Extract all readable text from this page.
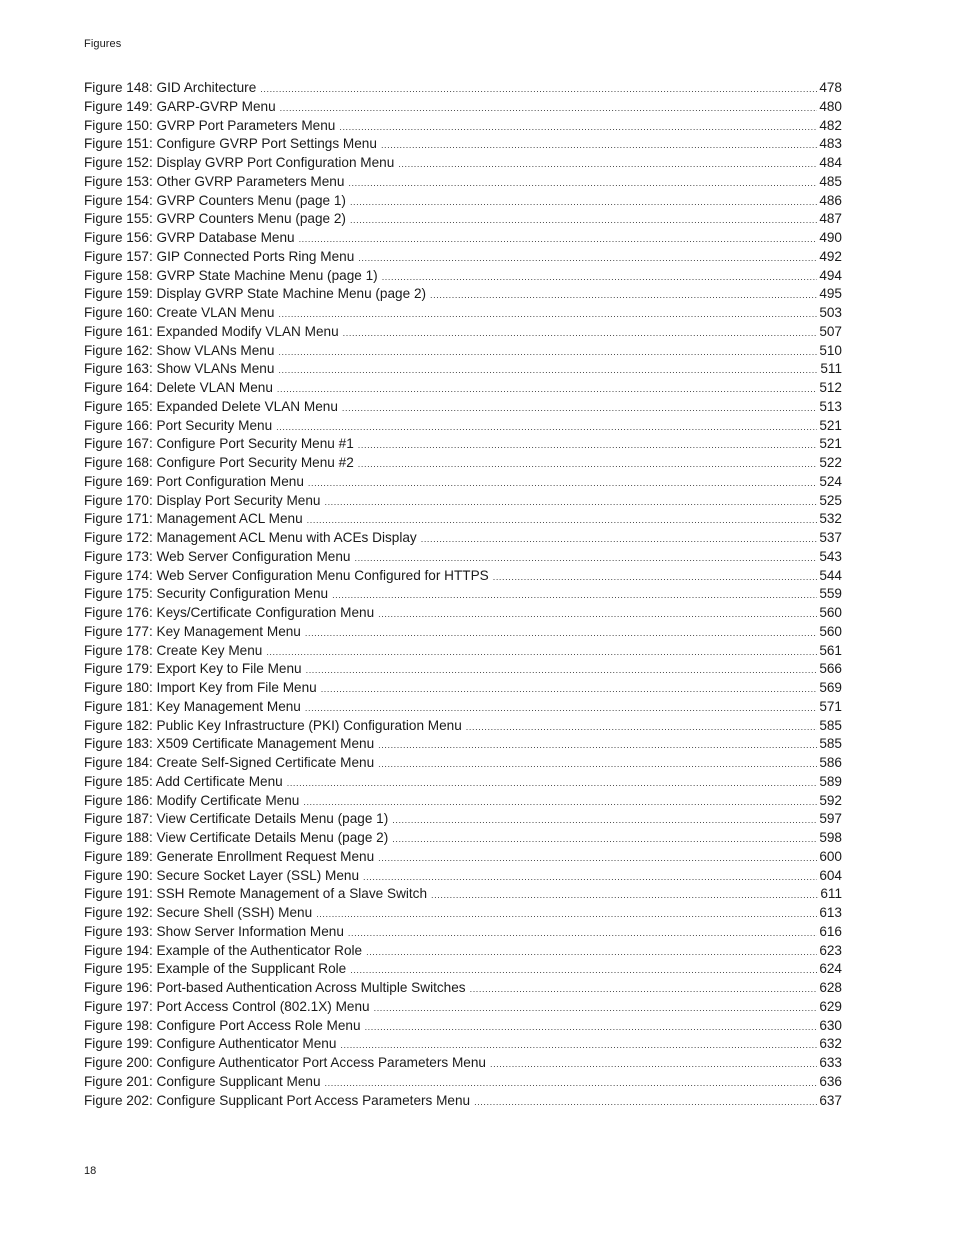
Figures
Figure 148: GID Architecture .....	478
Figure 149: GARP-GVRP Menu .....	480
Figure 150: GVRP Port Parameters Menu .....	482
Figure 151: Configure GVRP Port Settings Menu .....	483
Figure 152: Display GVRP Port Configuration Menu .....	484
Figure 153: Other GVRP Parameters Menu .....	485
Figure 154: GVRP Counters Menu (page 1) .....	486
Figure 155: GVRP Counters Menu (page 2) .....	487
Figure 156: GVRP Database Menu .....	490
Figure 157: GIP Connected Ports Ring Menu .....	492
Figure 158: GVRP State Machine Menu (page 1) .....	494
Figure 159: Display GVRP State Machine Menu (page 2) .....	495
Figure 160: Create VLAN Menu .....	503
Figure 161: Expanded Modify VLAN Menu .....	507
Figure 162: Show VLANs Menu .....	510
Figure 163: Show VLANs Menu .....	511
Figure 164: Delete VLAN Menu .....	512
Figure 165: Expanded Delete VLAN Menu .....	513
Figure 166: Port Security Menu .....	521
Figure 167: Configure Port Security Menu #1 .....	521
Figure 168: Configure Port Security Menu #2 .....	522
Figure 169: Port Configuration Menu .....	524
Figure 170: Display Port Security Menu .....	525
Figure 171: Management ACL Menu .....	532
Figure 172: Management ACL Menu with ACEs Display .....	537
Figure 173: Web Server Configuration Menu .....	543
Figure 174: Web Server Configuration Menu Configured for HTTPS .....	544
Figure 175: Security Configuration Menu .....	559
Figure 176: Keys/Certificate Configuration Menu .....	560
Figure 177: Key Management Menu .....	560
Figure 178: Create Key Menu .....	561
Figure 179: Export Key to File Menu .....	566
Figure 180: Import Key from File Menu .....	569
Figure 181: Key Management Menu .....	571
Figure 182: Public Key Infrastructure (PKI) Configuration Menu .....	585
Figure 183: X509 Certificate Management Menu .....	585
Figure 184: Create Self-Signed Certificate Menu .....	586
Figure 185: Add Certificate Menu .....	589
Figure 186: Modify Certificate Menu .....	592
Figure 187: View Certificate Details Menu (page 1) .....	597
Figure 188: View Certificate Details Menu (page 2) .....	598
Figure 189: Generate Enrollment Request Menu .....	600
Figure 190: Secure Socket Layer (SSL) Menu .....	604
Figure 191: SSH Remote Management of a Slave Switch .....	611
Figure 192: Secure Shell (SSH) Menu .....	613
Figure 193: Show Server Information Menu .....	616
Figure 194: Example of the Authenticator Role .....	623
Figure 195: Example of the Supplicant Role .....	624
Figure 196: Port-based Authentication Across Multiple Switches .....	628
Figure 197: Port Access Control (802.1X) Menu .....	629
Figure 198: Configure Port Access Role Menu .....	630
Figure 199: Configure Authenticator Menu .....	632
Figure 200: Configure Authenticator Port Access Parameters Menu .....	633
Figure 201: Configure Supplicant Menu .....	636
Figure 202: Configure Supplicant Port Access Parameters Menu .....	637
18
